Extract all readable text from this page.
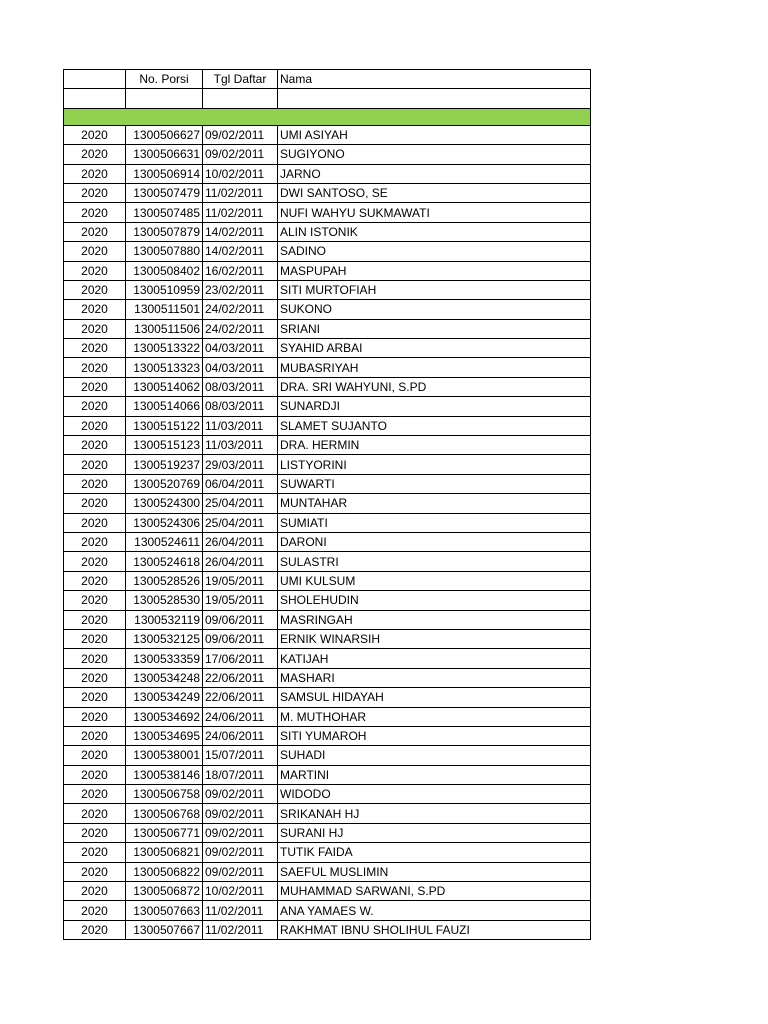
	No. Porsi	Tgl Daftar	Nama

2020	1300506627	09/02/2011	UMI ASIYAH
2020	1300506631	09/02/2011	SUGIYONO
2020	1300506914	10/02/2011	JARNO
2020	1300507479	11/02/2011	DWI SANTOSO, SE
2020	1300507485	11/02/2011	NUFI WAHYU SUKMAWATI
2020	1300507879	14/02/2011	ALIN ISTONIK
2020	1300507880	14/02/2011	SADINO
2020	1300508402	16/02/2011	MASPUPAH
2020	1300510959	23/02/2011	SITI MURTOFIAH
2020	1300511501	24/02/2011	SUKONO
2020	1300511506	24/02/2011	SRIANI
2020	1300513322	04/03/2011	SYAHID ARBAI
2020	1300513323	04/03/2011	MUBASRIYAH
2020	1300514062	08/03/2011	DRA. SRI WAHYUNI, S.PD
2020	1300514066	08/03/2011	SUNARDJI
2020	1300515122	11/03/2011	SLAMET SUJANTO
2020	1300515123	11/03/2011	DRA. HERMIN
2020	1300519237	29/03/2011	LISTYORINI
2020	1300520769	06/04/2011	SUWARTI
2020	1300524300	25/04/2011	MUNTAHAR
2020	1300524306	25/04/2011	SUMIATI
2020	1300524611	26/04/2011	DARONI
2020	1300524618	26/04/2011	SULASTRI
2020	1300528526	19/05/2011	UMI KULSUM
2020	1300528530	19/05/2011	SHOLEHUDIN
2020	1300532119	09/06/2011	MASRINGAH
2020	1300532125	09/06/2011	ERNIK WINARSIH
2020	1300533359	17/06/2011	KATIJAH
2020	1300534248	22/06/2011	MASHARI
2020	1300534249	22/06/2011	SAMSUL HIDAYAH
2020	1300534692	24/06/2011	M. MUTHOHAR
2020	1300534695	24/06/2011	SITI YUMAROH
2020	1300538001	15/07/2011	SUHADI
2020	1300538146	18/07/2011	MARTINI
2020	1300506758	09/02/2011	WIDODO
2020	1300506768	09/02/2011	SRIKANAH HJ
2020	1300506771	09/02/2011	SURANI HJ
2020	1300506821	09/02/2011	TUTIK FAIDA
2020	1300506822	09/02/2011	SAEFUL MUSLIMIN
2020	1300506872	10/02/2011	MUHAMMAD SARWANI, S.PD
2020	1300507663	11/02/2011	ANA YAMAES W.
2020	1300507667	11/02/2011	RAKHMAT IBNU SHOLIHUL FAUZI
